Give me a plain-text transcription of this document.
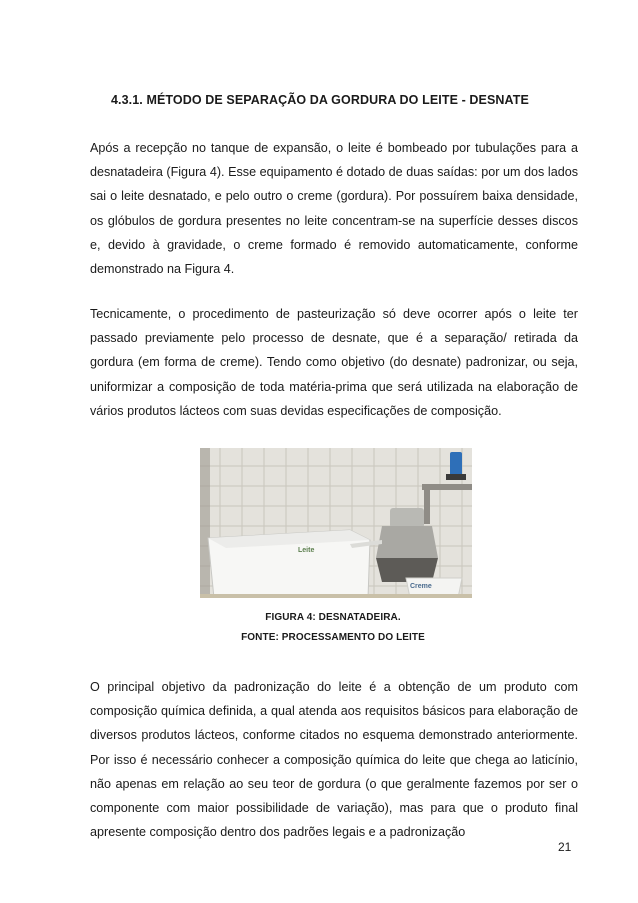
4.3.1. MÉTODO DE SEPARAÇÃO DA GORDURA DO LEITE - DESNATE

Após a recepção no tanque de expansão, o leite é bombeado por tubulações para a desnatadeira (Figura 4). Esse equipamento é dotado de duas saídas: por um dos lados sai o leite desnatado, e pelo outro o creme (gordura). Por possuírem baixa densidade, os glóbulos de gordura presentes no leite concentram-se na superfície desses discos e, devido à gravidade, o creme formado é removido automaticamente, conforme demonstrado na Figura 4.

Tecnicamente, o procedimento de pasteurização só deve ocorrer após o leite ter passado previamente pelo processo de desnate, que é a separação/ retirada da gordura (em forma de creme). Tendo como objetivo (do desnate) padronizar, ou seja, uniformizar a composição de toda matéria-prima que será utilizada na elaboração de vários produtos lácteos com suas devidas especificações de composição.

Leite
Creme
FIGURA 4: DESNATADEIRA.
FONTE: PROCESSAMENTO DO LEITE

O principal objetivo da padronização do leite é a obtenção de um produto com composição química definida, a qual atenda aos requisitos básicos para elaboração de diversos produtos lácteos, conforme citados no esquema demonstrado anteriormente. Por isso é necessário conhecer a composição química do leite que chega ao laticínio, não apenas em relação ao seu teor de gordura (o que geralmente fazemos por ser o componente com maior possibilidade de variação), mas para que o produto final apresente composição dentro dos padrões legais e a padronização

21
